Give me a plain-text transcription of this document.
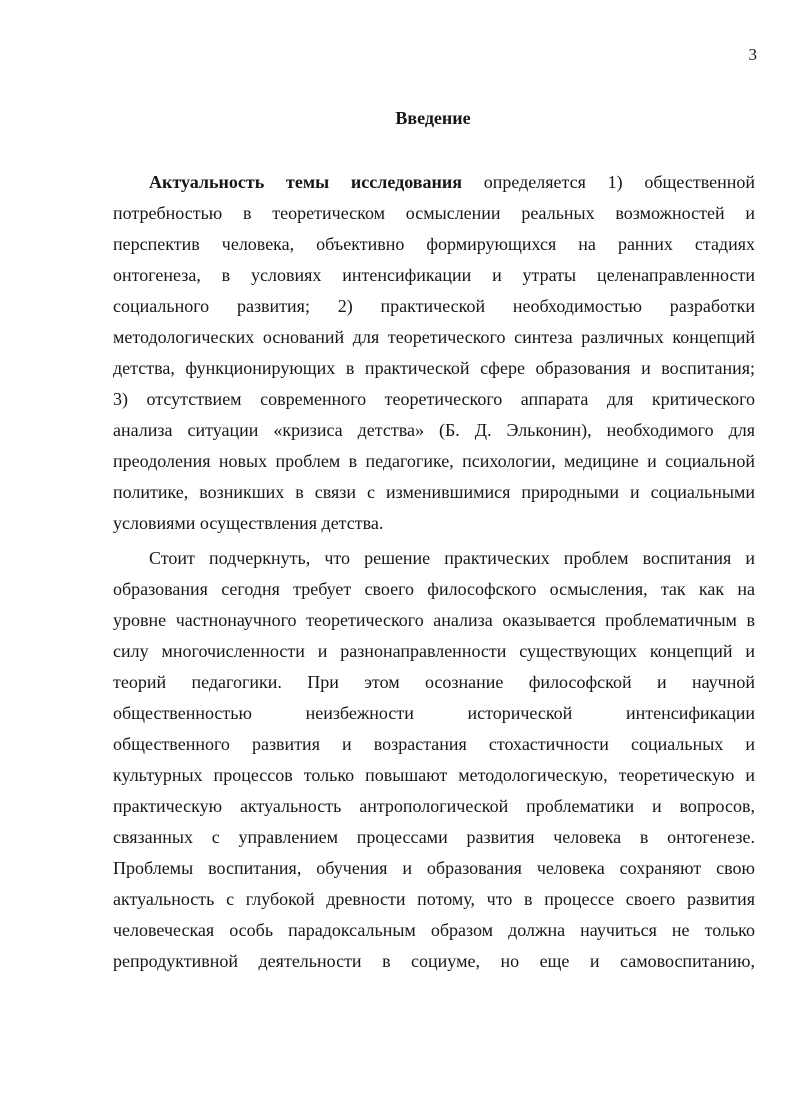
3
Введение
Актуальность темы исследования определяется 1) общественной
потребностью в теоретическом осмыслении реальных возможностей и
перспектив человека, объективно формирующихся на ранних стадиях
онтогенеза, в условиях интенсификации и утраты целенаправленности
социального развития; 2) практической необходимостью разработки
методологических оснований для теоретического синтеза различных концепций
детства, функционирующих в практической сфере образования и воспитания;
3) отсутствием современного теоретического аппарата для критического
анализа ситуации «кризиса детства» (Б. Д. Эльконин), необходимого для
преодоления новых проблем в педагогике, психологии, медицине и социальной
политике, возникших в связи с изменившимися природными и социальными
условиями осуществления детства.
Стоит подчеркнуть, что решение практических проблем воспитания и
образования сегодня требует своего философского осмысления, так как на
уровне частнонаучного теоретического анализа оказывается проблематичным в
силу многочисленности и разнонаправленности существующих концепций и
теорий педагогики. При этом осознание философской и научной
общественностью неизбежности исторической интенсификации
общественного развития и возрастания стохастичности социальных и
культурных процессов только повышают методологическую, теоретическую и
практическую актуальность антропологической проблематики и вопросов,
связанных с управлением процессами развития человека в онтогенезе.
Проблемы воспитания, обучения и образования человека сохраняют свою
актуальность с глубокой древности потому, что в процессе своего развития
человеческая особь парадоксальным образом должна научиться не только
репродуктивной деятельности в социуме, но еще и самовоспитанию,
